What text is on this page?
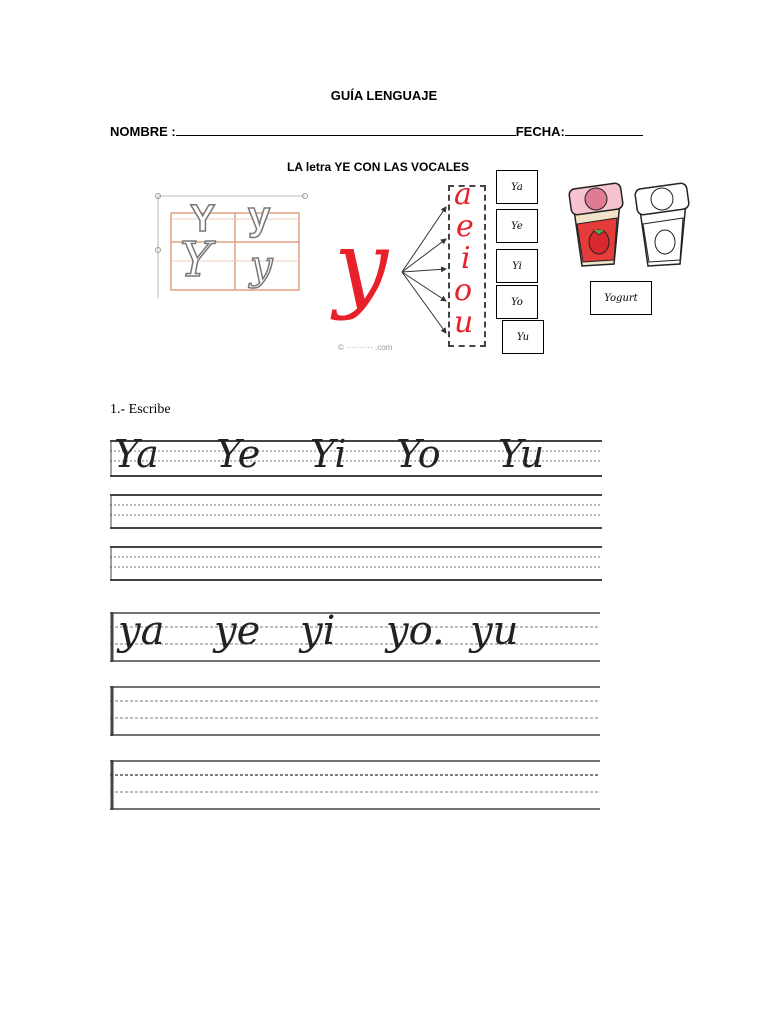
GUÍA LENGUAJE
NOMBRE :	FECHA:
LA letra YE CON LAS VOCALES
Y y
Y y y
a
e
i
o
u
Ya
Ye
Yi
Yo
Yu
Yogurt
© ·········· .com
1.- Escribe
Ya Ye Yi Yo Yu
ya ye yi yo. yu
